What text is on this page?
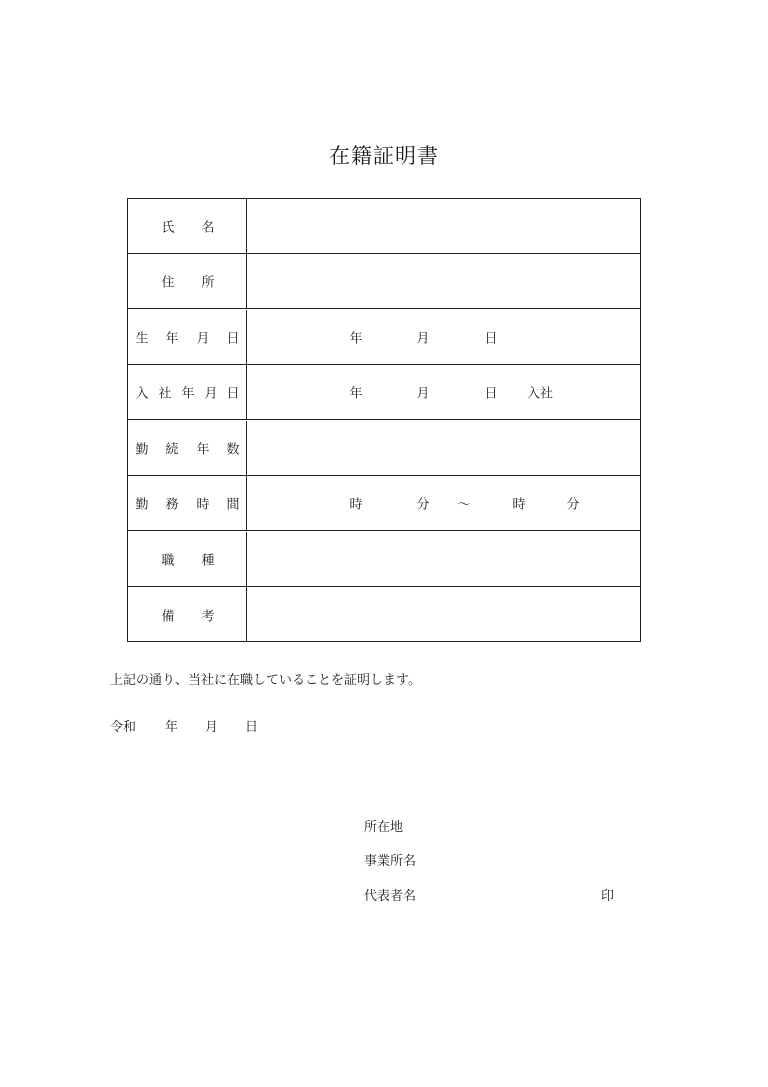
在籍証明書
氏 名
住 所
生 年 月 日	年	月	日
入 社 年 月 日	年	月	日 入社
勤 続 年 数
勤 務 時 間	時	分 ～	時	分
職 種
備 考
上記の通り、当社に在職していることを証明します。
令和 年 月 日
所在地
事業所名
代表者名	印
